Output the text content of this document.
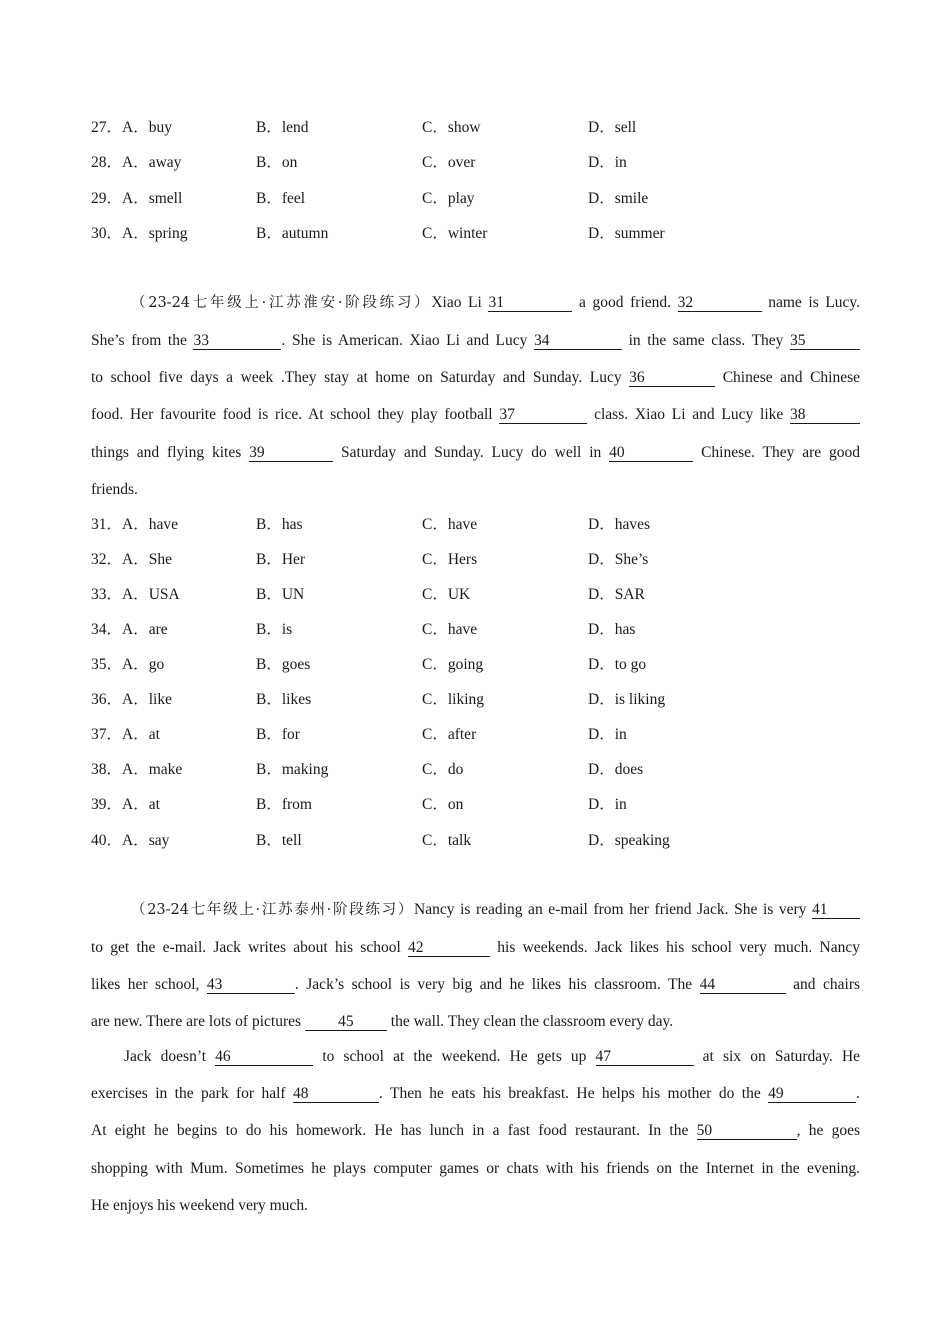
27．A．buy	B．lend	C．show	D．sell
28．A．away	B．on	C．over	D．in
29．A．smell	B．feel	C．play	D．smile
30．A．spring	B．autumn	C．winter	D．summer
（23-24七年级上·江苏淮安·阶段练习）Xiao Li 31	a good friend. 32	name is Lucy.
She’s from the 33	. She is American. Xiao Li and Lucy 34	in the same class. They 35
to school five days a week .They stay at home on Saturday and Sunday. Lucy 36	Chinese and Chinese
food. Her favourite food is rice. At school they play football 37	class. Xiao Li and Lucy like 38
things and flying kites 39	Saturday and Sunday. Lucy do well in 40	Chinese. They are good
friends.
31．A．have	B．has	C．have	D．haves
32．A．She	B．Her	C．Hers	D．She’s
33．A．USA	B．UN	C．UK	D．SAR
34．A．are	B．is	C．have	D．has
35．A．go	B．goes	C．going	D．to go
36．A．like	B．likes	C．liking	D．is liking
37．A．at	B．for	C．after	D．in
38．A．make	B．making	C．do	D．does
39．A．at	B．from	C．on	D．in
40．A．say	B．tell	C．talk	D．speaking
（23-24七年级上·江苏泰州·阶段练习）Nancy is reading an e-mail from her friend Jack. She is very 41
to get the e-mail. Jack writes about his school 42	his weekends. Jack likes his school very much. Nancy
likes her school, 43	. Jack’s school is very big and he likes his classroom. The 44	and chairs
are new. There are lots of pictures 45 the wall. They clean the classroom every day.
Jack doesn’t 46	to school at the weekend. He gets up 47	at six on Saturday. He
exercises in the park for half 48	. Then he eats his breakfast. He helps his mother do the 49	.
At eight he begins to do his homework. He has lunch in a fast food restaurant. In the 50	, he goes
shopping with Mum. Sometimes he plays computer games or chats with his friends on the Internet in the evening.
He enjoys his weekend very much.
